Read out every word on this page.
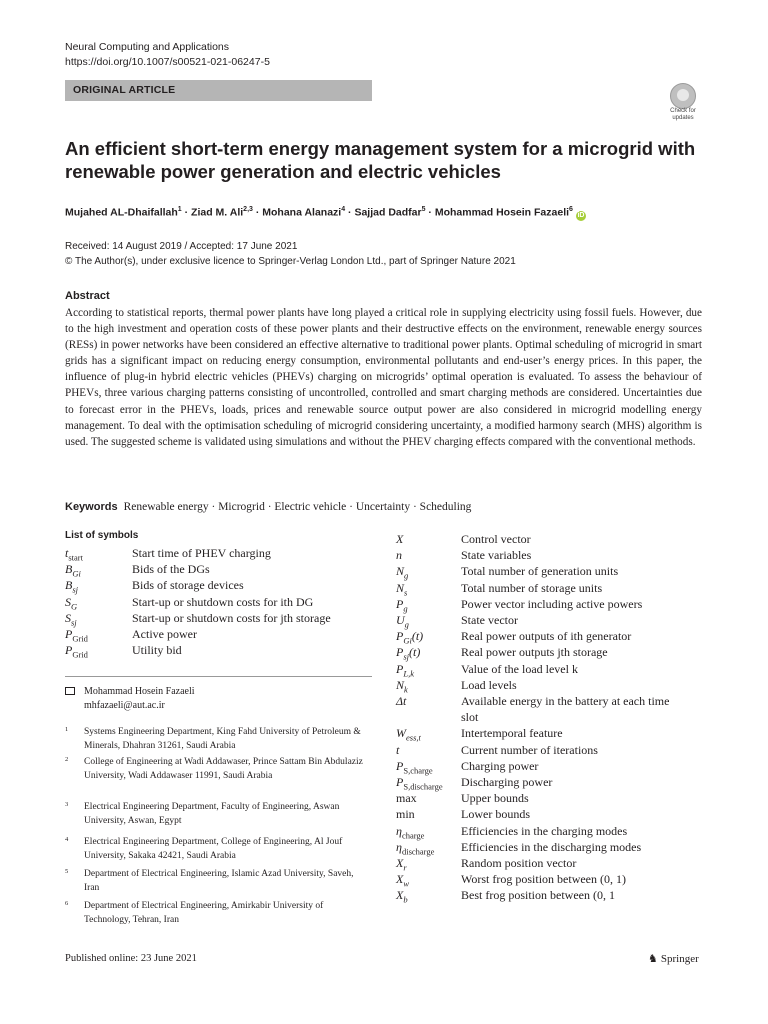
Neural Computing and Applications
https://doi.org/10.1007/s00521-021-06247-5
ORIGINAL ARTICLE
Check for updates
An efficient short-term energy management system for a microgrid with renewable power generation and electric vehicles
Mujahed AL-Dhaifallah$^1$ · Ziad M. Ali$^{2,3}$ · Mohana Alanazi$^4$ · Sajjad Dadfar$^5$ · Mohammad Hosein Fazaeli$^6$iD
Received: 14 August 2019 / Accepted: 17 June 2021
© The Author(s), under exclusive licence to Springer-Verlag London Ltd., part of Springer Nature 2021
Abstract
According to statistical reports, thermal power plants have long played a critical role in supplying electricity using fossil fuels. However, due to the high investment and operation costs of these power plants and their destructive effects on the environment, renewable energy sources (RESs) in power networks have been considered an effective alternative to traditional power plants. Optimal scheduling of microgrid in smart grids has a significant impact on reducing energy consumption, environmental pollutants and end-user’s energy prices. In this paper, the influence of plug-in hybrid electric vehicles (PHEVs) charging on microgrids’ optimal operation is evaluated. To assess the behaviour of PHEVs, three various charging patterns consisting of uncontrolled, controlled and smart charging methods are considered. Uncertainties due to forecast error in the PHEVs, loads, prices and renewable source output power are also considered in microgrid modelling energy management. To deal with the optimisation scheduling of microgrid considering uncertainty, a modified harmony search (MHS) algorithm is used. The suggested scheme is validated using simulations and without the PHEV charging effects compared with the conventional methods.
Keywords Renewable energy · Microgrid · Electric vehicle · Uncertainty · Scheduling
List of symbols
$t_{start}$	Start time of PHEV charging
$B_{Gi}$	Bids of the DGs
$B_{sj}$	Bids of storage devices
$S_G$	Start-up or shutdown costs for ith DG
$S_{sj}$	Start-up or shutdown costs for jth storage
$P_{Grid}$	Active power
$P_{Grid}$	Utility bid
X	Control vector
n	State variables
$N_g$	Total number of generation units
$N_s$	Total number of storage units
$P_g$	Power vector including active powers
$U_g$	State vector
$P_{Gi}(t)$	Real power outputs of ith generator
$P_{sj}(t)$	Real power outputs jth storage
$P_{L,k}$	Value of the load level k
$N_k$	Load levels
Δt	Available energy in the battery at each time
slot
$W_{ess,t}$	Intertemporal feature
t	Current number of iterations
$P_{S,charge}$ Charging power
$P_{S,discharge}$ Discharging power
max	Upper bounds
min	Lower bounds
$\eta_{charge}$	Efficiencies in the charging modes
$\eta_{discharge}$ Efficiencies in the discharging modes
$X_r$	Random position vector
$X_w$	Worst frog position between (0, 1)
$X_b$	Best frog position between (0, 1
Mohammad Hosein Fazaeli
mhfazaeli@aut.ac.ir
1 Systems Engineering Department, King Fahd University of Petroleum & Minerals, Dhahran 31261, Saudi Arabia
2 College of Engineering at Wadi Addawaser, Prince Sattam Bin Abdulaziz University, Wadi Addawaser 11991, Saudi Arabia
3 Electrical Engineering Department, Faculty of Engineering, Aswan University, Aswan, Egypt
4 Electrical Engineering Department, College of Engineering, Al Jouf University, Sakaka 42421, Saudi Arabia
5 Department of Electrical Engineering, Islamic Azad University, Saveh, Iran
6 Department of Electrical Engineering, Amirkabir University of Technology, Tehran, Iran
Published online: 23 June 2021	♞ Springer
